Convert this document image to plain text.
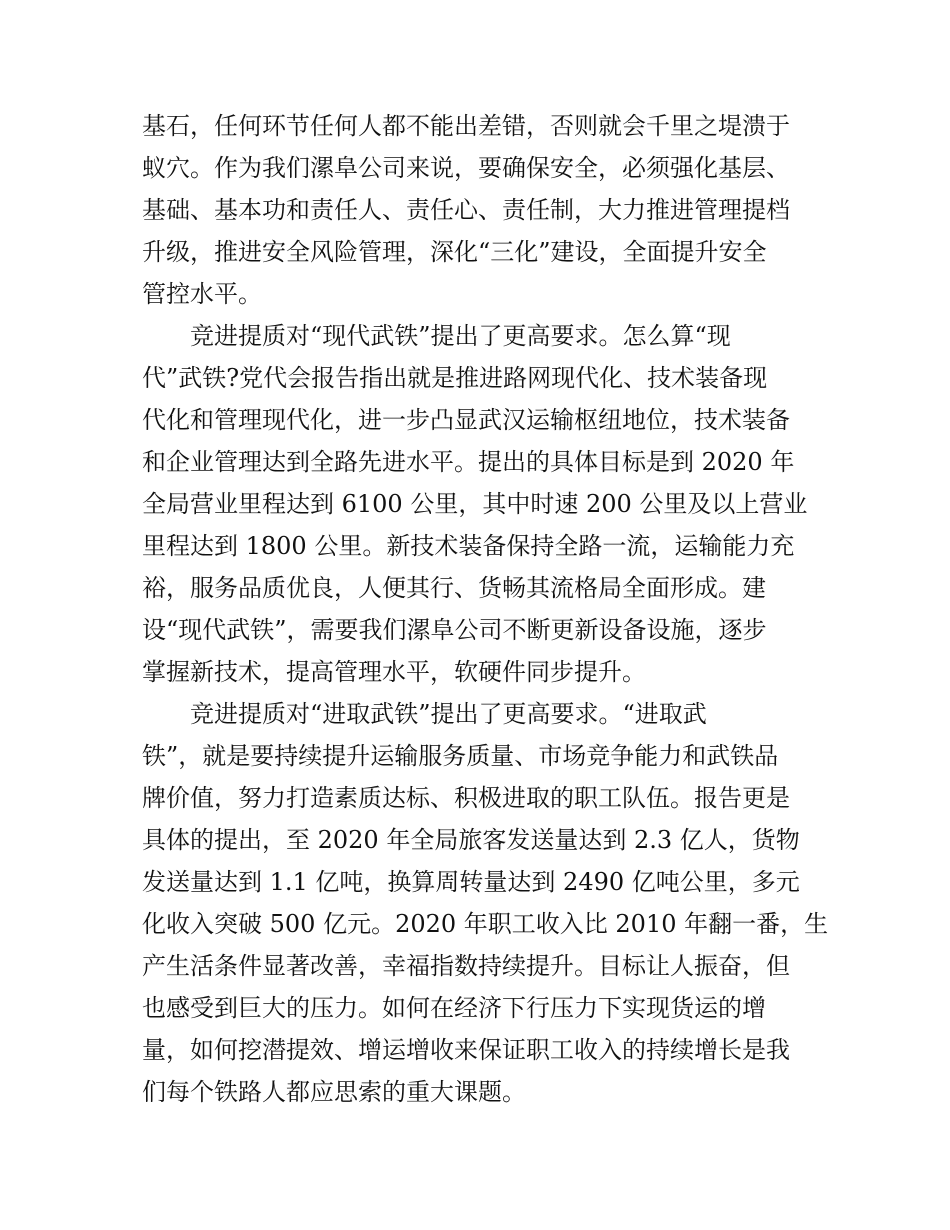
基石，任何环节任何人都不能出差错，否则就会千里之堤溃于
蚁穴。作为我们漯阜公司来说，要确保安全，必须强化基层、
基础、基本功和责任人、责任心、责任制，大力推进管理提档
升级，推进安全风险管理，深化“三化”建设，全面提升安全
管控水平。
竞进提质对“现代武铁”提出了更高要求。怎么算“现
代”武铁?党代会报告指出就是推进路网现代化、技术装备现
代化和管理现代化，进一步凸显武汉运输枢纽地位，技术装备
和企业管理达到全路先进水平。提出的具体目标是到 2020 年
全局营业里程达到 6100 公里，其中时速 200 公里及以上营业
里程达到 1800 公里。新技术装备保持全路一流，运输能力充
裕，服务品质优良，人便其行、货畅其流格局全面形成。建
设“现代武铁”，需要我们漯阜公司不断更新设备设施，逐步
掌握新技术，提高管理水平，软硬件同步提升。
竞进提质对“进取武铁”提出了更高要求。“进取武
铁”，就是要持续提升运输服务质量、市场竞争能力和武铁品
牌价值，努力打造素质达标、积极进取的职工队伍。报告更是
具体的提出，至 2020 年全局旅客发送量达到 2.3 亿人，货物
发送量达到 1.1 亿吨，换算周转量达到 2490 亿吨公里，多元
化收入突破 500 亿元。2020 年职工收入比 2010 年翻一番，生
产生活条件显著改善，幸福指数持续提升。目标让人振奋，但
也感受到巨大的压力。如何在经济下行压力下实现货运的增
量，如何挖潜提效、增运增收来保证职工收入的持续增长是我
们每个铁路人都应思索的重大课题。
